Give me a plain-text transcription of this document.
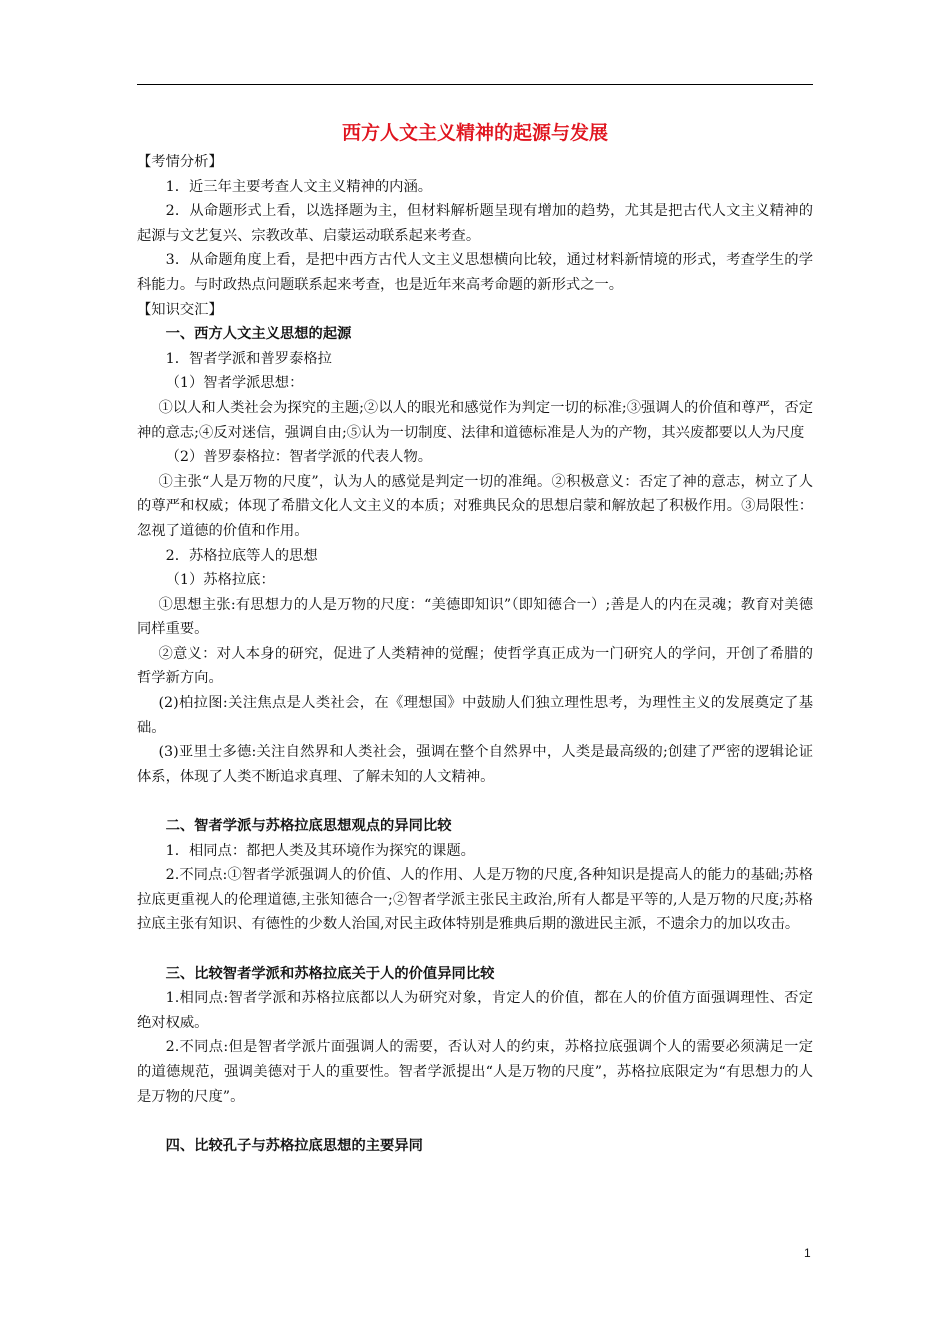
西方人文主义精神的起源与发展

【考情分析】

1．近三年主要考查人文主义精神的内涵。

2．从命题形式上看，以选择题为主，但材料解析题呈现有增加的趋势，尤其是把古代人文主义精神的起源与文艺复兴、宗教改革、启蒙运动联系起来考查。

3．从命题角度上看，是把中西方古代人文主义思想横向比较，通过材料新情境的形式，考查学生的学科能力。与时政热点问题联系起来考查，也是近年来高考命题的新形式之一。

【知识交汇】

一、西方人文主义思想的起源

1．智者学派和普罗泰格拉

（1）智者学派思想：

①以人和人类社会为探究的主题;②以人的眼光和感觉作为判定一切的标准;③强调人的价值和尊严，否定神的意志;④反对迷信，强调自由;⑤认为一切制度、法律和道德标准是人为的产物，其兴废都要以人为尺度

（2）普罗泰格拉：智者学派的代表人物。

①主张“人是万物的尺度”，认为人的感觉是判定一切的准绳。②积极意义：否定了神的意志，树立了人的尊严和权威；体现了希腊文化人文主义的本质；对雅典民众的思想启蒙和解放起了积极作用。③局限性：忽视了道德的价值和作用。

2．苏格拉底等人的思想

（1）苏格拉底：

①思想主张:有思想力的人是万物的尺度：“美德即知识”（即知德合一）;善是人的内在灵魂；教育对美德同样重要。

②意义：对人本身的研究，促进了人类精神的觉醒；使哲学真正成为一门研究人的学问，开创了希腊的哲学新方向。

(2)柏拉图:关注焦点是人类社会，在《理想国》中鼓励人们独立理性思考，为理性主义的发展奠定了基础。

(3)亚里士多德:关注自然界和人类社会，强调在整个自然界中，人类是最高级的;创建了严密的逻辑论证体系，体现了人类不断追求真理、了解未知的人文精神。

二、智者学派与苏格拉底思想观点的异同比较

1．相同点：都把人类及其环境作为探究的课题。

2.不同点:①智者学派强调人的价值、人的作用、人是万物的尺度,各种知识是提高人的能力的基础;苏格拉底更重视人的伦理道德,主张知德合一;②智者学派主张民主政治,所有人都是平等的,人是万物的尺度;苏格拉底主张有知识、有德性的少数人治国,对民主政体特别是雅典后期的激进民主派，不遗余力的加以攻击。

三、比较智者学派和苏格拉底关于人的价值异同比较

1.相同点:智者学派和苏格拉底都以人为研究对象，肯定人的价值，都在人的价值方面强调理性、否定绝对权威。

2.不同点:但是智者学派片面强调人的需要，否认对人的约束，苏格拉底强调个人的需要必须满足一定的道德规范，强调美德对于人的重要性。智者学派提出“人是万物的尺度”，苏格拉底限定为“有思想力的人是万物的尺度”。

四、比较孔子与苏格拉底思想的主要异同

1
